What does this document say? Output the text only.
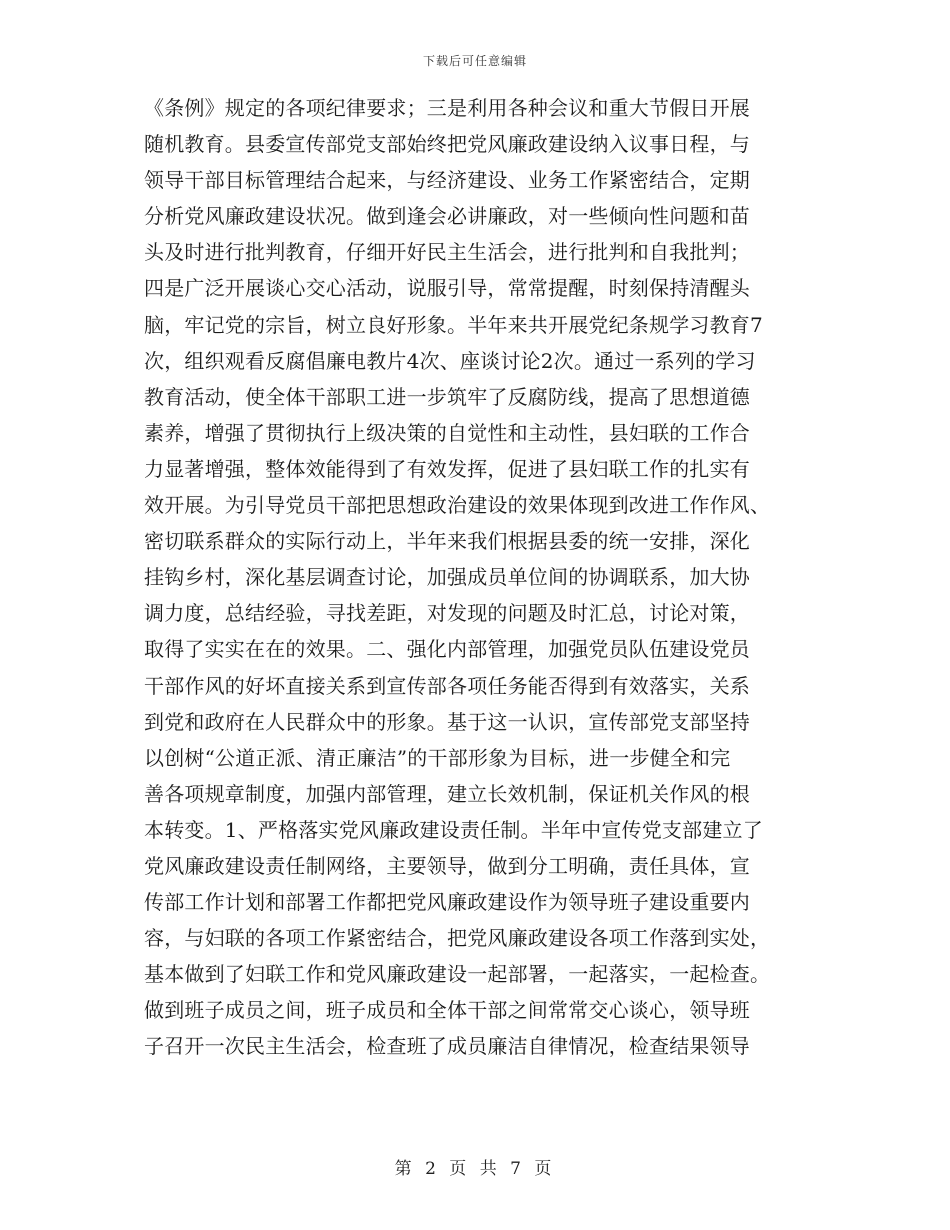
下载后可任意编辑
《条例》规定的各项纪律要求；三是利用各种会议和重大节假日开展
随机教育。县委宣传部党支部始终把党风廉政建设纳入议事日程，与
领导干部目标管理结合起来，与经济建设、业务工作紧密结合，定期
分析党风廉政建设状况。做到逢会必讲廉政，对一些倾向性问题和苗
头及时进行批判教育，仔细开好民主生活会，进行批判和自我批判；
四是广泛开展谈心交心活动，说服引导，常常提醒，时刻保持清醒头
脑，牢记党的宗旨，树立良好形象。半年来共开展党纪条规学习教育7
次，组织观看反腐倡廉电教片4次、座谈讨论2次。通过一系列的学习
教育活动，使全体干部职工进一步筑牢了反腐防线，提高了思想道德
素养，增强了贯彻执行上级决策的自觉性和主动性，县妇联的工作合
力显著增强，整体效能得到了有效发挥，促进了县妇联工作的扎实有
效开展。为引导党员干部把思想政治建设的效果体现到改进工作作风、
密切联系群众的实际行动上，半年来我们根据县委的统一安排，深化
挂钩乡村，深化基层调查讨论，加强成员单位间的协调联系，加大协
调力度，总结经验，寻找差距，对发现的问题及时汇总，讨论对策，
取得了实实在在的效果。二、强化内部管理，加强党员队伍建设党员
干部作风的好坏直接关系到宣传部各项任务能否得到有效落实，关系
到党和政府在人民群众中的形象。基于这一认识，宣传部党支部坚持
以创树“公道正派、清正廉洁”的干部形象为目标，进一步健全和完
善各项规章制度，加强内部管理，建立长效机制，保证机关作风的根
本转变。1、严格落实党风廉政建设责任制。半年中宣传党支部建立了
党风廉政建设责任制网络，主要领导，做到分工明确，责任具体，宣
传部工作计划和部署工作都把党风廉政建设作为领导班子建设重要内
容，与妇联的各项工作紧密结合，把党风廉政建设各项工作落到实处，
基本做到了妇联工作和党风廉政建设一起部署，一起落实，一起检查。
做到班子成员之间，班子成员和全体干部之间常常交心谈心，领导班
子召开一次民主生活会，检查班了成员廉洁自律情况，检查结果领导
第 2 页 共 7 页
